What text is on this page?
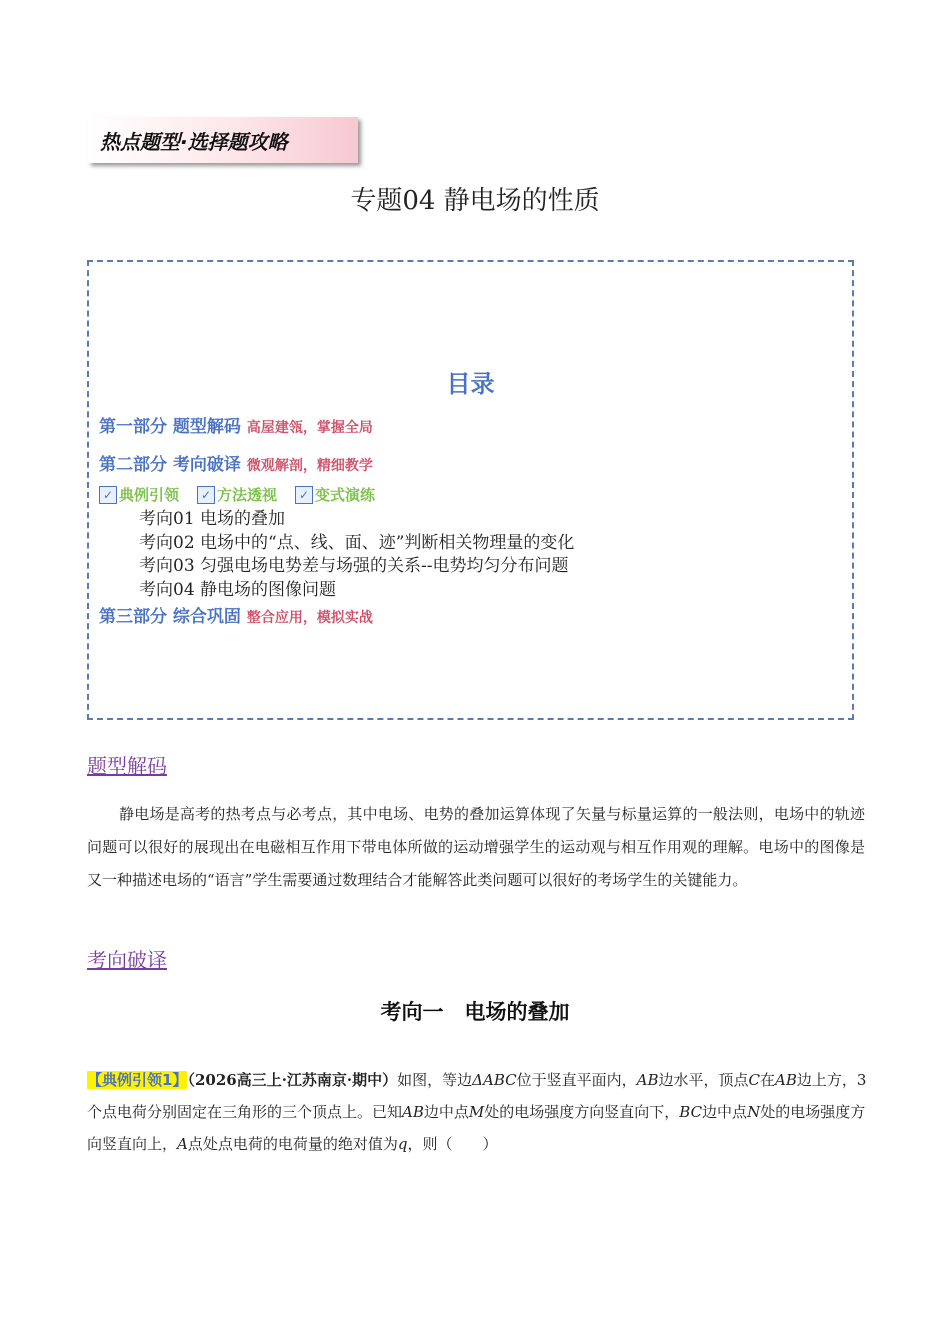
热点题型·选择题攻略
专题04 静电场的性质
目录
第一部分 题型解码 高屋建瓴，掌握全局
第二部分 考向破译 微观解剖，精细教学
✓ 典例引领	✓ 方法透视	✓ 变式演练
考向01 电场的叠加
考向02 电场中的“点、线、面、迹”判断相关物理量的变化
考向03 匀强电场电势差与场强的关系--电势均匀分布问题
考向04 静电场的图像问题
第三部分 综合巩固 整合应用，模拟实战
题型解码
静电场是高考的热考点与必考点，其中电场、电势的叠加运算体现了矢量与标量运算的一般法则，电场中的轨迹问题可以很好的展现出在电磁相互作用下带电体所做的运动增强学生的运动观与相互作用观的理解。电场中的图像是又一种描述电场的“语言”学生需要通过数理结合才能解答此类问题可以很好的考场学生的关键能力。
考向破译
考向一　电场的叠加
【典例引领1】（2026高三上·江苏南京·期中）如图，等边ΔABC位于竖直平面内，AB边水平，顶点C在AB边上方，3个点电荷分别固定在三角形的三个顶点上。已知AB边中点M处的电场强度方向竖直向下，BC边中点N处的电场强度方向竖直向上，A点处点电荷的电荷量的绝对值为q，则（　　）
